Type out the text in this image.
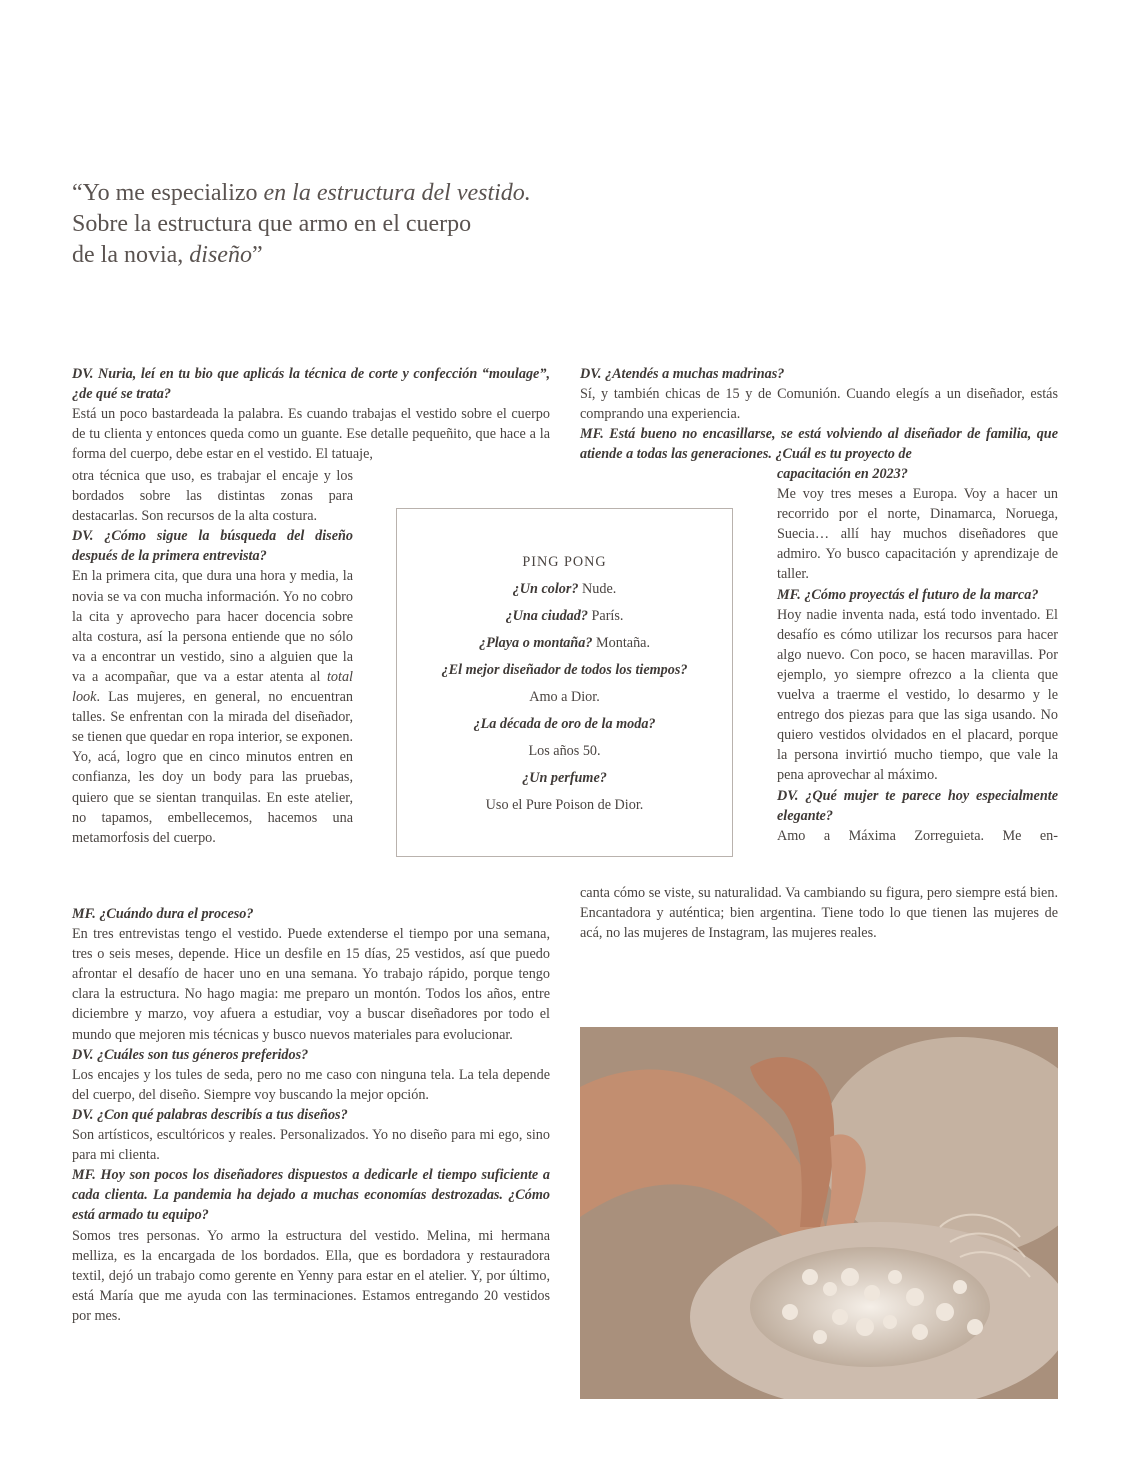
“Yo me especializo en la estructura del vestido.
Sobre la estructura que armo en el cuerpo
de la novia, diseño”

DV. Nuria, leí en tu bio que aplicás la técnica de corte y confección “moulage”, ¿de qué se trata?

Está un poco bastardeada la palabra. Es cuando trabajas el vestido sobre el cuerpo de tu clienta y entonces queda como un guante. Ese detalle pequeñito, que hace a la forma del cuerpo, debe estar en el vestido. El tatuaje,

otra técnica que uso, es trabajar el encaje y los bordados sobre las distintas zonas para destacarlas. Son recursos de la alta costura.

DV. ¿Cómo sigue la búsqueda del diseño después de la primera entrevista?

En la primera cita, que dura una hora y media, la novia se va con mucha información. Yo no cobro la cita y aprovecho para hacer docencia sobre alta costura, así la persona entiende que no sólo va a encontrar un vestido, sino a alguien que la va a acompañar, que va a estar atenta al total look. Las mujeres, en general, no encuentran talles. Se enfrentan con la mirada del diseñador, se tienen que quedar en ropa interior, se exponen. Yo, acá, logro que en cinco minutos entren en confianza, les doy un body para las pruebas, quiero que se sientan tranquilas. En este atelier, no tapamos, embellecemos, hacemos una metamorfosis del cuerpo.

MF. ¿Cuándo dura el proceso?

En tres entrevistas tengo el vestido. Puede extenderse el tiempo por una semana, tres o seis meses, depende. Hice un desfile en 15 días, 25 vestidos, así que puedo afrontar el desafío de hacer uno en una semana. Yo trabajo rápido, porque tengo clara la estructura. No hago magia: me preparo un montón. Todos los años, entre diciembre y marzo, voy afuera a estudiar, voy a buscar diseñadores por todo el mundo que mejoren mis técnicas y busco nuevos materiales para evolucionar.

DV. ¿Cuáles son tus géneros preferidos?

Los encajes y los tules de seda, pero no me caso con ninguna tela. La tela depende del cuerpo, del diseño. Siempre voy buscando la mejor opción.

DV. ¿Con qué palabras describís a tus diseños?

Son artísticos, escultóricos y reales. Personalizados. Yo no diseño para mi ego, sino para mi clienta.

MF. Hoy son pocos los diseñadores dispuestos a dedicarle el tiempo suficiente a cada clienta. La pandemia ha dejado a muchas economías destrozadas. ¿Cómo está armado tu equipo?

Somos tres personas. Yo armo la estructura del vestido. Melina, mi hermana melliza, es la encargada de los bordados. Ella, que es bordadora y restauradora textil, dejó un trabajo como gerente en Yenny para estar en el atelier. Y, por último, está María que me ayuda con las terminaciones. Estamos entregando 20 vestidos por mes.

DV. ¿Atendés a muchas madrinas?

Sí, y también chicas de 15 y de Comunión. Cuando elegís a un diseñador, estás comprando una experiencia.

MF. Está bueno no encasillarse, se está volviendo al diseñador de familia, que atiende a todas las generaciones. ¿Cuál es tu proyecto de

capacitación en 2023?

Me voy tres meses a Europa. Voy a hacer un recorrido por el norte, Dinamarca, Noruega, Suecia… allí hay muchos diseñadores que admiro. Yo busco capacitación y aprendizaje de taller.

MF. ¿Cómo proyectás el futuro de la marca?

Hoy nadie inventa nada, está todo inventado. El desafío es cómo utilizar los recursos para hacer algo nuevo. Con poco, se hacen maravillas. Por ejemplo, yo siempre ofrezco a la clienta que vuelva a traerme el vestido, lo desarmo y le entrego dos piezas para que las siga usando. No quiero vestidos olvidados en el placard, porque la persona invirtió mucho tiempo, que vale la pena aprovechar al máximo.

DV. ¿Qué mujer te parece hoy especialmente elegante?

Amo a Máxima Zorreguieta. Me en-

canta cómo se viste, su naturalidad. Va cambiando su figura, pero siempre está bien. Encantadora y auténtica; bien argentina. Tiene todo lo que tienen las mujeres de acá, no las mujeres de Instagram, las mujeres reales.

PING PONG

¿Un color? Nude.

¿Una ciudad? París.

¿Playa o montaña? Montaña.

¿El mejor diseñador de todos los tiempos?

Amo a Dior.

¿La década de oro de la moda?

Los años 50.

¿Un perfume?

Uso el Pure Poison de Dior.
